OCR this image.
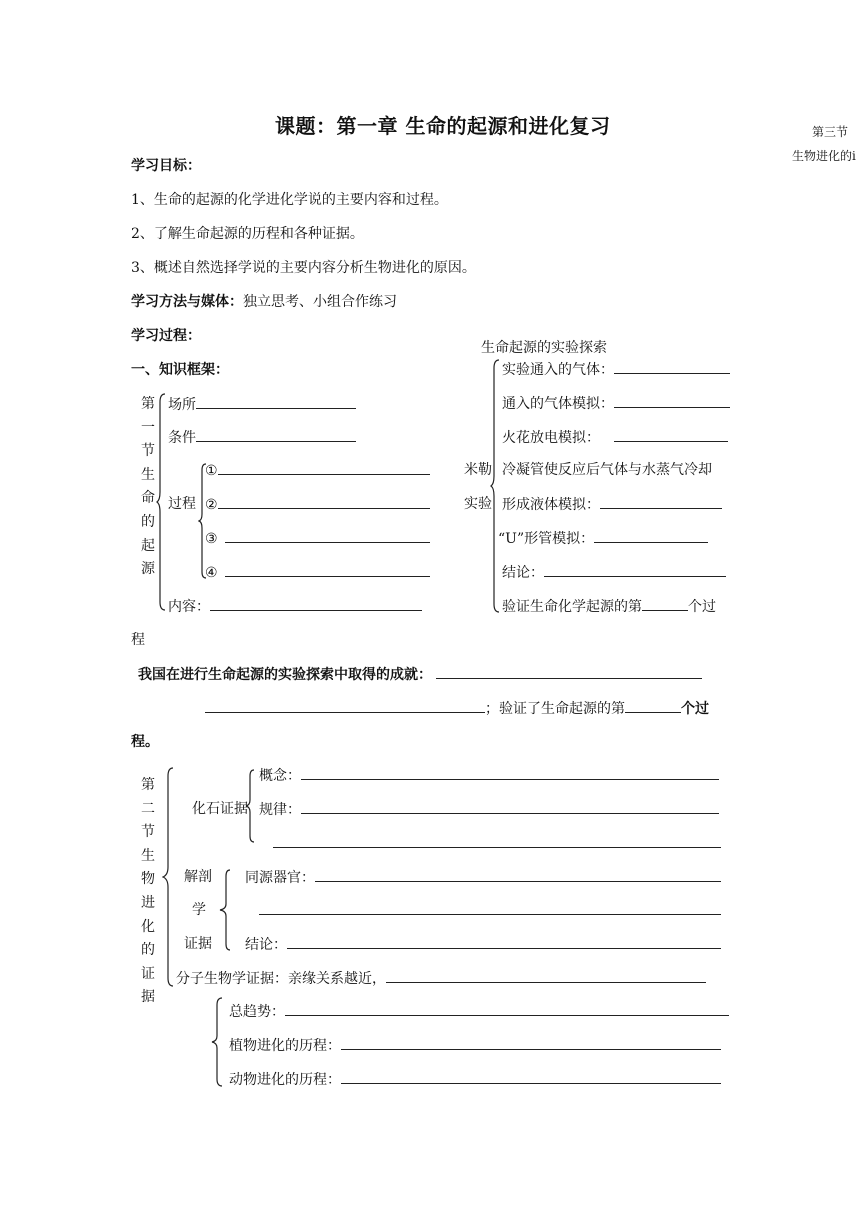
课题：第一章 生命的起源和进化复习	第三节
生物进化的i
学习目标：
1、生命的起源的化学进化学说的主要内容和过程。
2、了解生命起源的历程和各种证据。
3、概述自然选择学说的主要内容分析生物进化的原因。
学习方法与媒体：独立思考、小组合作练习
学习过程：
一、知识框架：
第一节生命的起源
场所
条件
过程
①
②
③
④
内容：
生命起源的实验探索
米勒
实验
实验通入的气体：
通入的气体模拟：
火花放电模拟：
冷凝管使反应后气体与水蒸气冷却
形成液体模拟：
“U”形管模拟：
结论：
验证生命化学起源的第	个过
程
我国在进行生命起源的实验探索中取得的成就：
；验证了生命起源的第	个过
程。
第二节生物进化的证据
化石证据
概念：
规律：
解剖
学
证据
同源器官：
结论：
分子生物学证据：亲缘关系越近，
总趋势：
植物进化的历程：
动物进化的历程：
